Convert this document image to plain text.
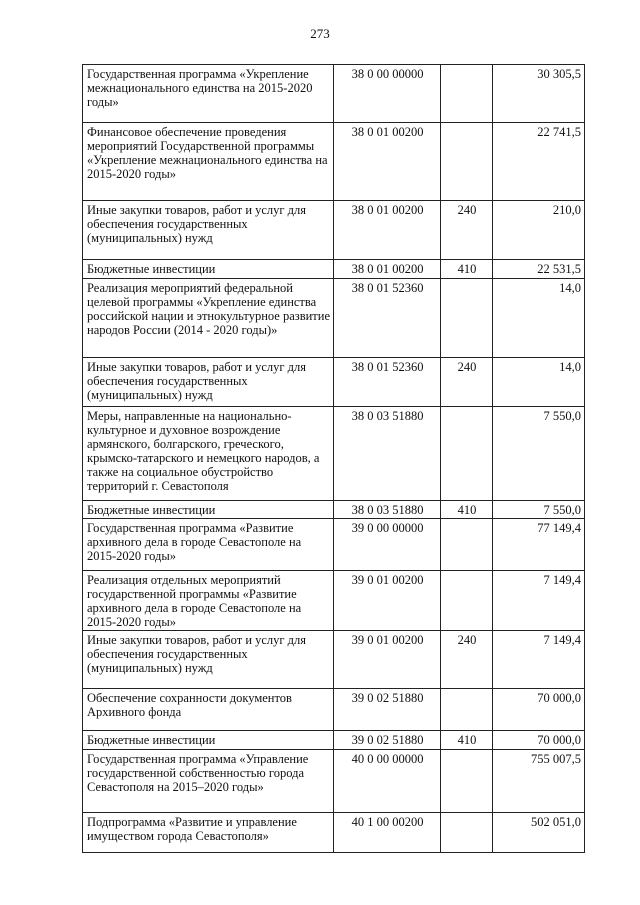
273
Государственная программа «Укрепление межнационального единства на 2015-2020 годы»	38 0 00 00000		30 305,5
Финансовое обеспечение проведения мероприятий Государственной программы «Укрепление межнационального единства на 2015-2020 годы»	38 0 01 00200		22 741,5
Иные закупки товаров, работ и услуг для обеспечения государственных (муниципальных) нужд	38 0 01 00200	240	210,0
Бюджетные инвестиции	38 0 01 00200	410	22 531,5
Реализация мероприятий федеральной целевой программы «Укрепление единства российской нации и этнокультурное развитие народов России (2014 - 2020 годы)»	38 0 01 52360		14,0
Иные закупки товаров, работ и услуг для обеспечения государственных (муниципальных) нужд	38 0 01 52360	240	14,0
Меры, направленные на национально-культурное и духовное возрождение армянского, болгарского, греческого, крымско-татарского и немецкого народов, а также на социальное обустройство территорий г. Севастополя	38 0 03 51880		7 550,0
Бюджетные инвестиции	38 0 03 51880	410	7 550,0
Государственная программа «Развитие архивного дела в городе Севастополе на 2015-2020 годы»	39 0 00 00000		77 149,4
Реализация отдельных мероприятий государственной программы «Развитие архивного дела в городе Севастополе на 2015-2020 годы»	39 0 01 00200		7 149,4
Иные закупки товаров, работ и услуг для обеспечения государственных (муниципальных) нужд	39 0 01 00200	240	7 149,4
Обеспечение сохранности документов Архивного фонда	39 0 02 51880		70 000,0
Бюджетные инвестиции	39 0 02 51880	410	70 000,0
Государственная программа «Управление государственной собственностью города Севастополя на 2015–2020 годы»	40 0 00 00000		755 007,5
Подпрограмма «Развитие и управление имуществом города Севастополя»	40 1 00 00200		502 051,0
